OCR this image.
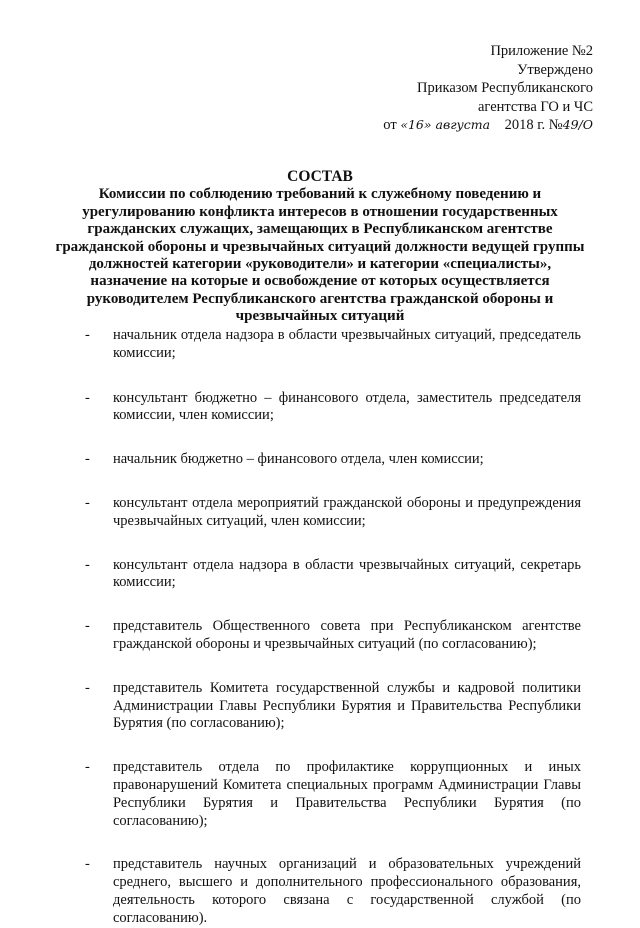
Приложение №2
Утверждено
Приказом Республиканского
агентства ГО и ЧС
от «16» августа 2018 г. №49/О
СОСТАВ
Комиссии по соблюдению требований к служебному поведению и
урегулированию конфликта интересов в отношении государственных
гражданских служащих, замещающих в Республиканском агентстве
гражданской обороны и чрезвычайных ситуаций должности ведущей группы
должностей категории «руководители» и категории «специалисты»,
назначение на которые и освобождение от которых осуществляется
руководителем Республиканского агентства гражданской обороны и
чрезвычайных ситуаций
- начальник отдела надзора в области чрезвычайных ситуаций, председатель комиссии;
- консультант бюджетно – финансового отдела, заместитель председателя комиссии, член комиссии;
- начальник бюджетно – финансового отдела, член комиссии;
- консультант отдела мероприятий гражданской обороны и предупреждения чрезвычайных ситуаций, член комиссии;
- консультант отдела надзора в области чрезвычайных ситуаций, секретарь комиссии;
- представитель Общественного совета при Республиканском агентстве гражданской обороны и чрезвычайных ситуаций (по согласованию);
- представитель Комитета государственной службы и кадровой политики Администрации Главы Республики Бурятия и Правительства Республики Бурятия (по согласованию);
- представитель отдела по профилактике коррупционных и иных правонарушений Комитета специальных программ Администрации Главы Республики Бурятия и Правительства Республики Бурятия (по согласованию);
- представитель научных организаций и образовательных учреждений среднего, высшего и дополнительного профессионального образования, деятельность которого связана с государственной службой (по согласованию).
